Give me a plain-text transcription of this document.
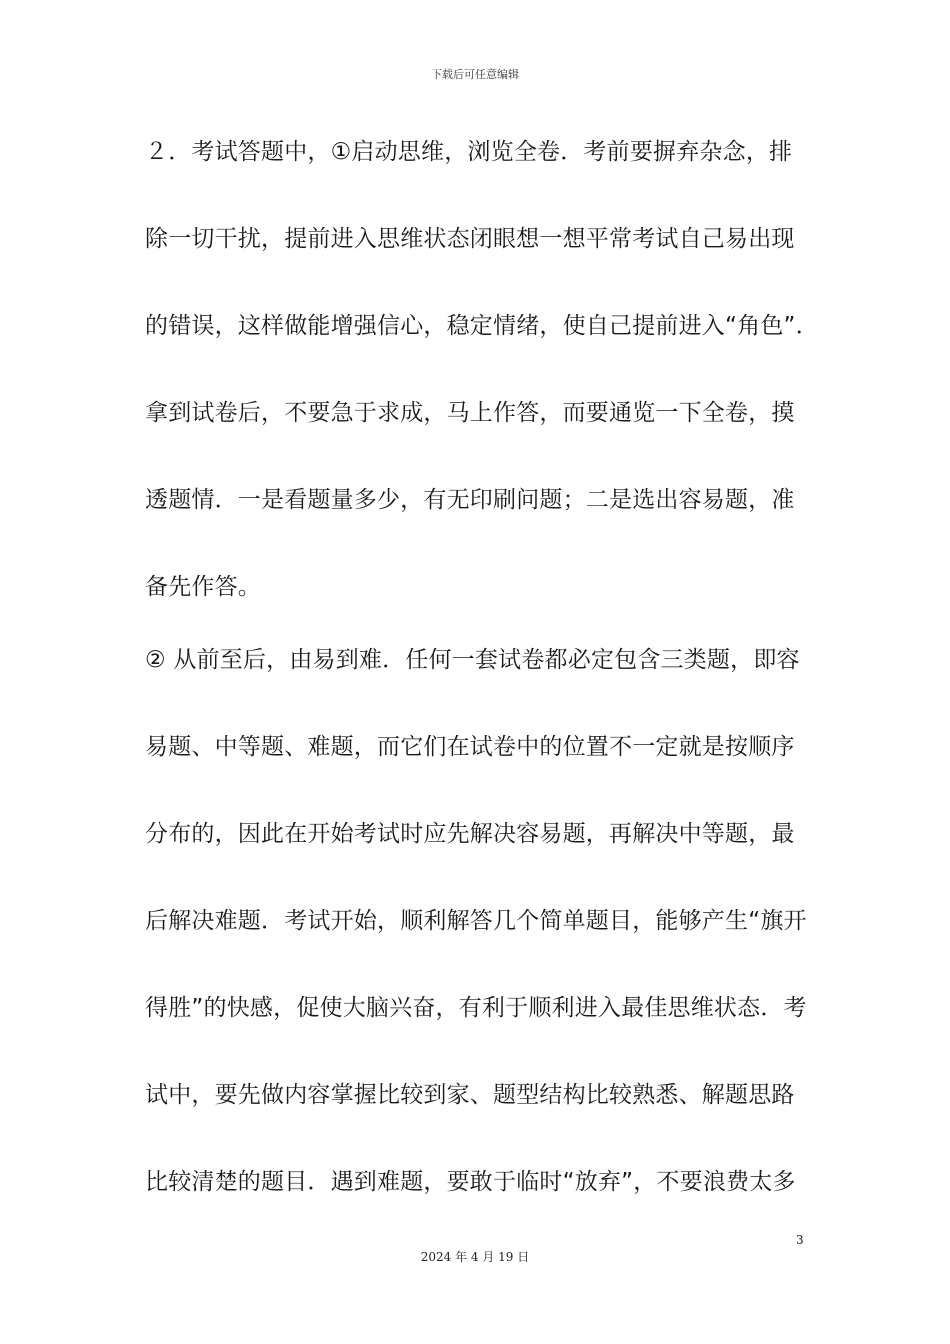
下载后可任意编辑
２．考试答题中，①启动思维，浏览全卷．考前要摒弃杂念，排
除一切干扰，提前进入思维状态闭眼想一想平常考试自己易出现
的错误，这样做能增强信心，稳定情绪，使自己提前进入“角色”．
拿到试卷后，不要急于求成，马上作答，而要通览一下全卷，摸
透题情．一是看题量多少，有无印刷问题；二是选出容易题，准
备先作答。
② 从前至后，由易到难．任何一套试卷都必定包含三类题，即容
易题、中等题、难题，而它们在试卷中的位置不一定就是按顺序
分布的，因此在开始考试时应先解决容易题，再解决中等题，最
后解决难题．考试开始，顺利解答几个简单题目，能够产生“旗开
得胜”的快感，促使大脑兴奋，有利于顺利进入最佳思维状态．考
试中，要先做内容掌握比较到家、题型结构比较熟悉、解题思路
比较清楚的题目．遇到难题，要敢于临时“放弃”，不要浪费太多
3
2024 年 4 月 19 日
